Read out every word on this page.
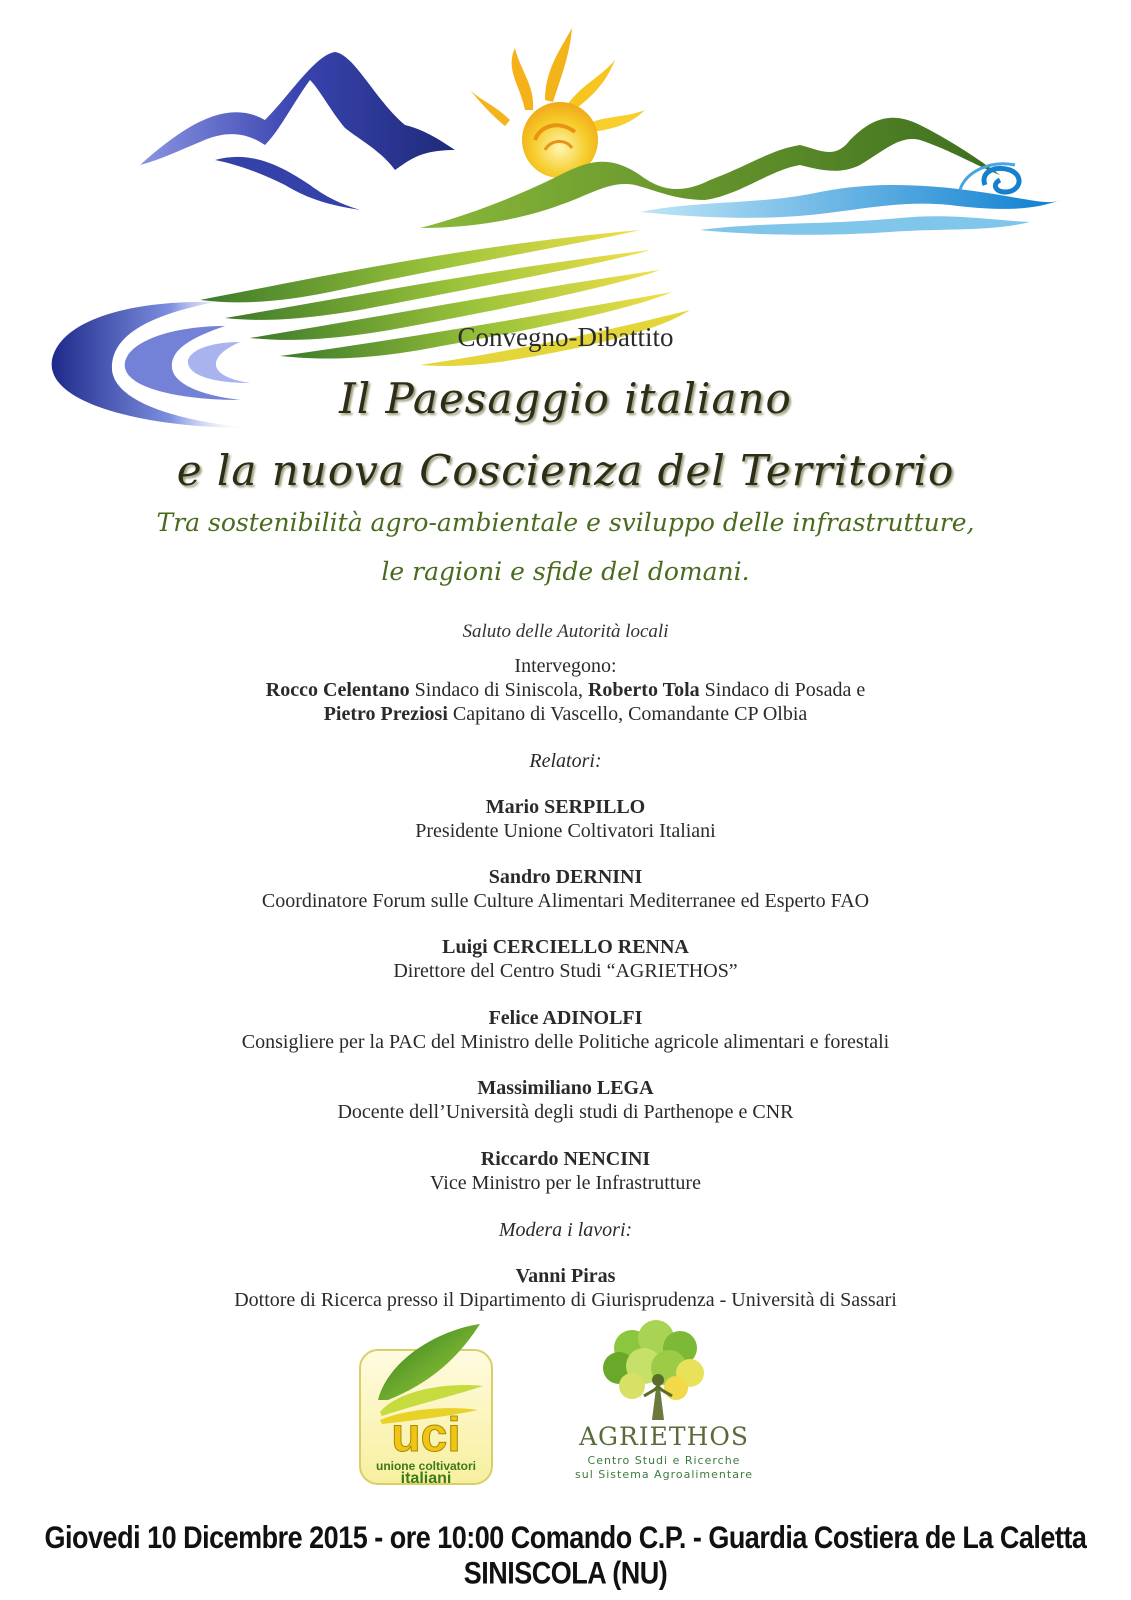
Convegno-Dibattito
Il Paesaggio italiano
e la nuova Coscienza del Territorio
Tra sostenibilità agro-ambientale e sviluppo delle infrastrutture,
le ragioni e sfide del domani.
Saluto delle Autorità locali
Intervegono:
Rocco Celentano Sindaco di Siniscola, Roberto Tola Sindaco di Posada e
Pietro Preziosi Capitano di Vascello, Comandante CP Olbia
Relatori:
Mario SERPILLO
Presidente Unione Coltivatori Italiani
Sandro DERNINI
Coordinatore Forum sulle Culture Alimentari Mediterranee ed Esperto FAO
Luigi CERCIELLO RENNA
Direttore del Centro Studi “AGRIETHOS”
Felice ADINOLFI
Consigliere per la PAC del Ministro delle Politiche agricole alimentari e forestali
Massimiliano LEGA
Docente dell’Università degli studi di Parthenope e CNR
Riccardo NENCINI
Vice Ministro per le Infrastrutture
Modera i lavori:
Vanni Piras
Dottore di Ricerca presso il Dipartimento di Giurisprudenza - Università di Sassari
uci
unione coltivatori
italiani
AGRIETHOS
Centro Studi e Ricerche
sul Sistema Agroalimentare
Giovedi 10 Dicembre 2015 - ore 10:00 Comando C.P. - Guardia Costiera de La Caletta SINISCOLA (NU)
